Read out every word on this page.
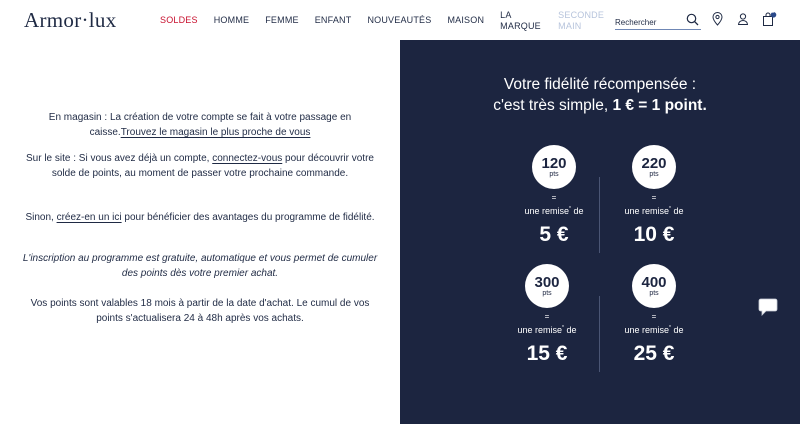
Armor·lux	SOLDES HOMME FEMME ENFANT NOUVEAUTÉS MAISON LA MARQUE
SECONDE MAIN
Rechercher
0

En magasin : La création de votre compte se fait à votre passage en caisse.Trouvez le magasin le plus proche de vous

Sur le site : Si vous avez déjà un compte, connectez-vous pour découvrir votre solde de points, au moment de passer votre prochaine commande.

Sinon, créez-en un ici pour bénéficier des avantages du programme de fidélité.

L'inscription au programme est gratuite, automatique et vous permet de cumuler des points dès votre premier achat.

Vos points sont valables 18 mois à partir de la date d'achat. Le cumul de vos points s'actualisera 24 à 48h après vos achats.

Votre fidélité récompensée :
c'est très simple, 1 € = 1 point.
120
pts
=
une remise* de
5 €
220
pts
=
une remise* de
10 €
300
pts
=
une remise* de
15 €
400
pts
=
une remise* de
25 €
